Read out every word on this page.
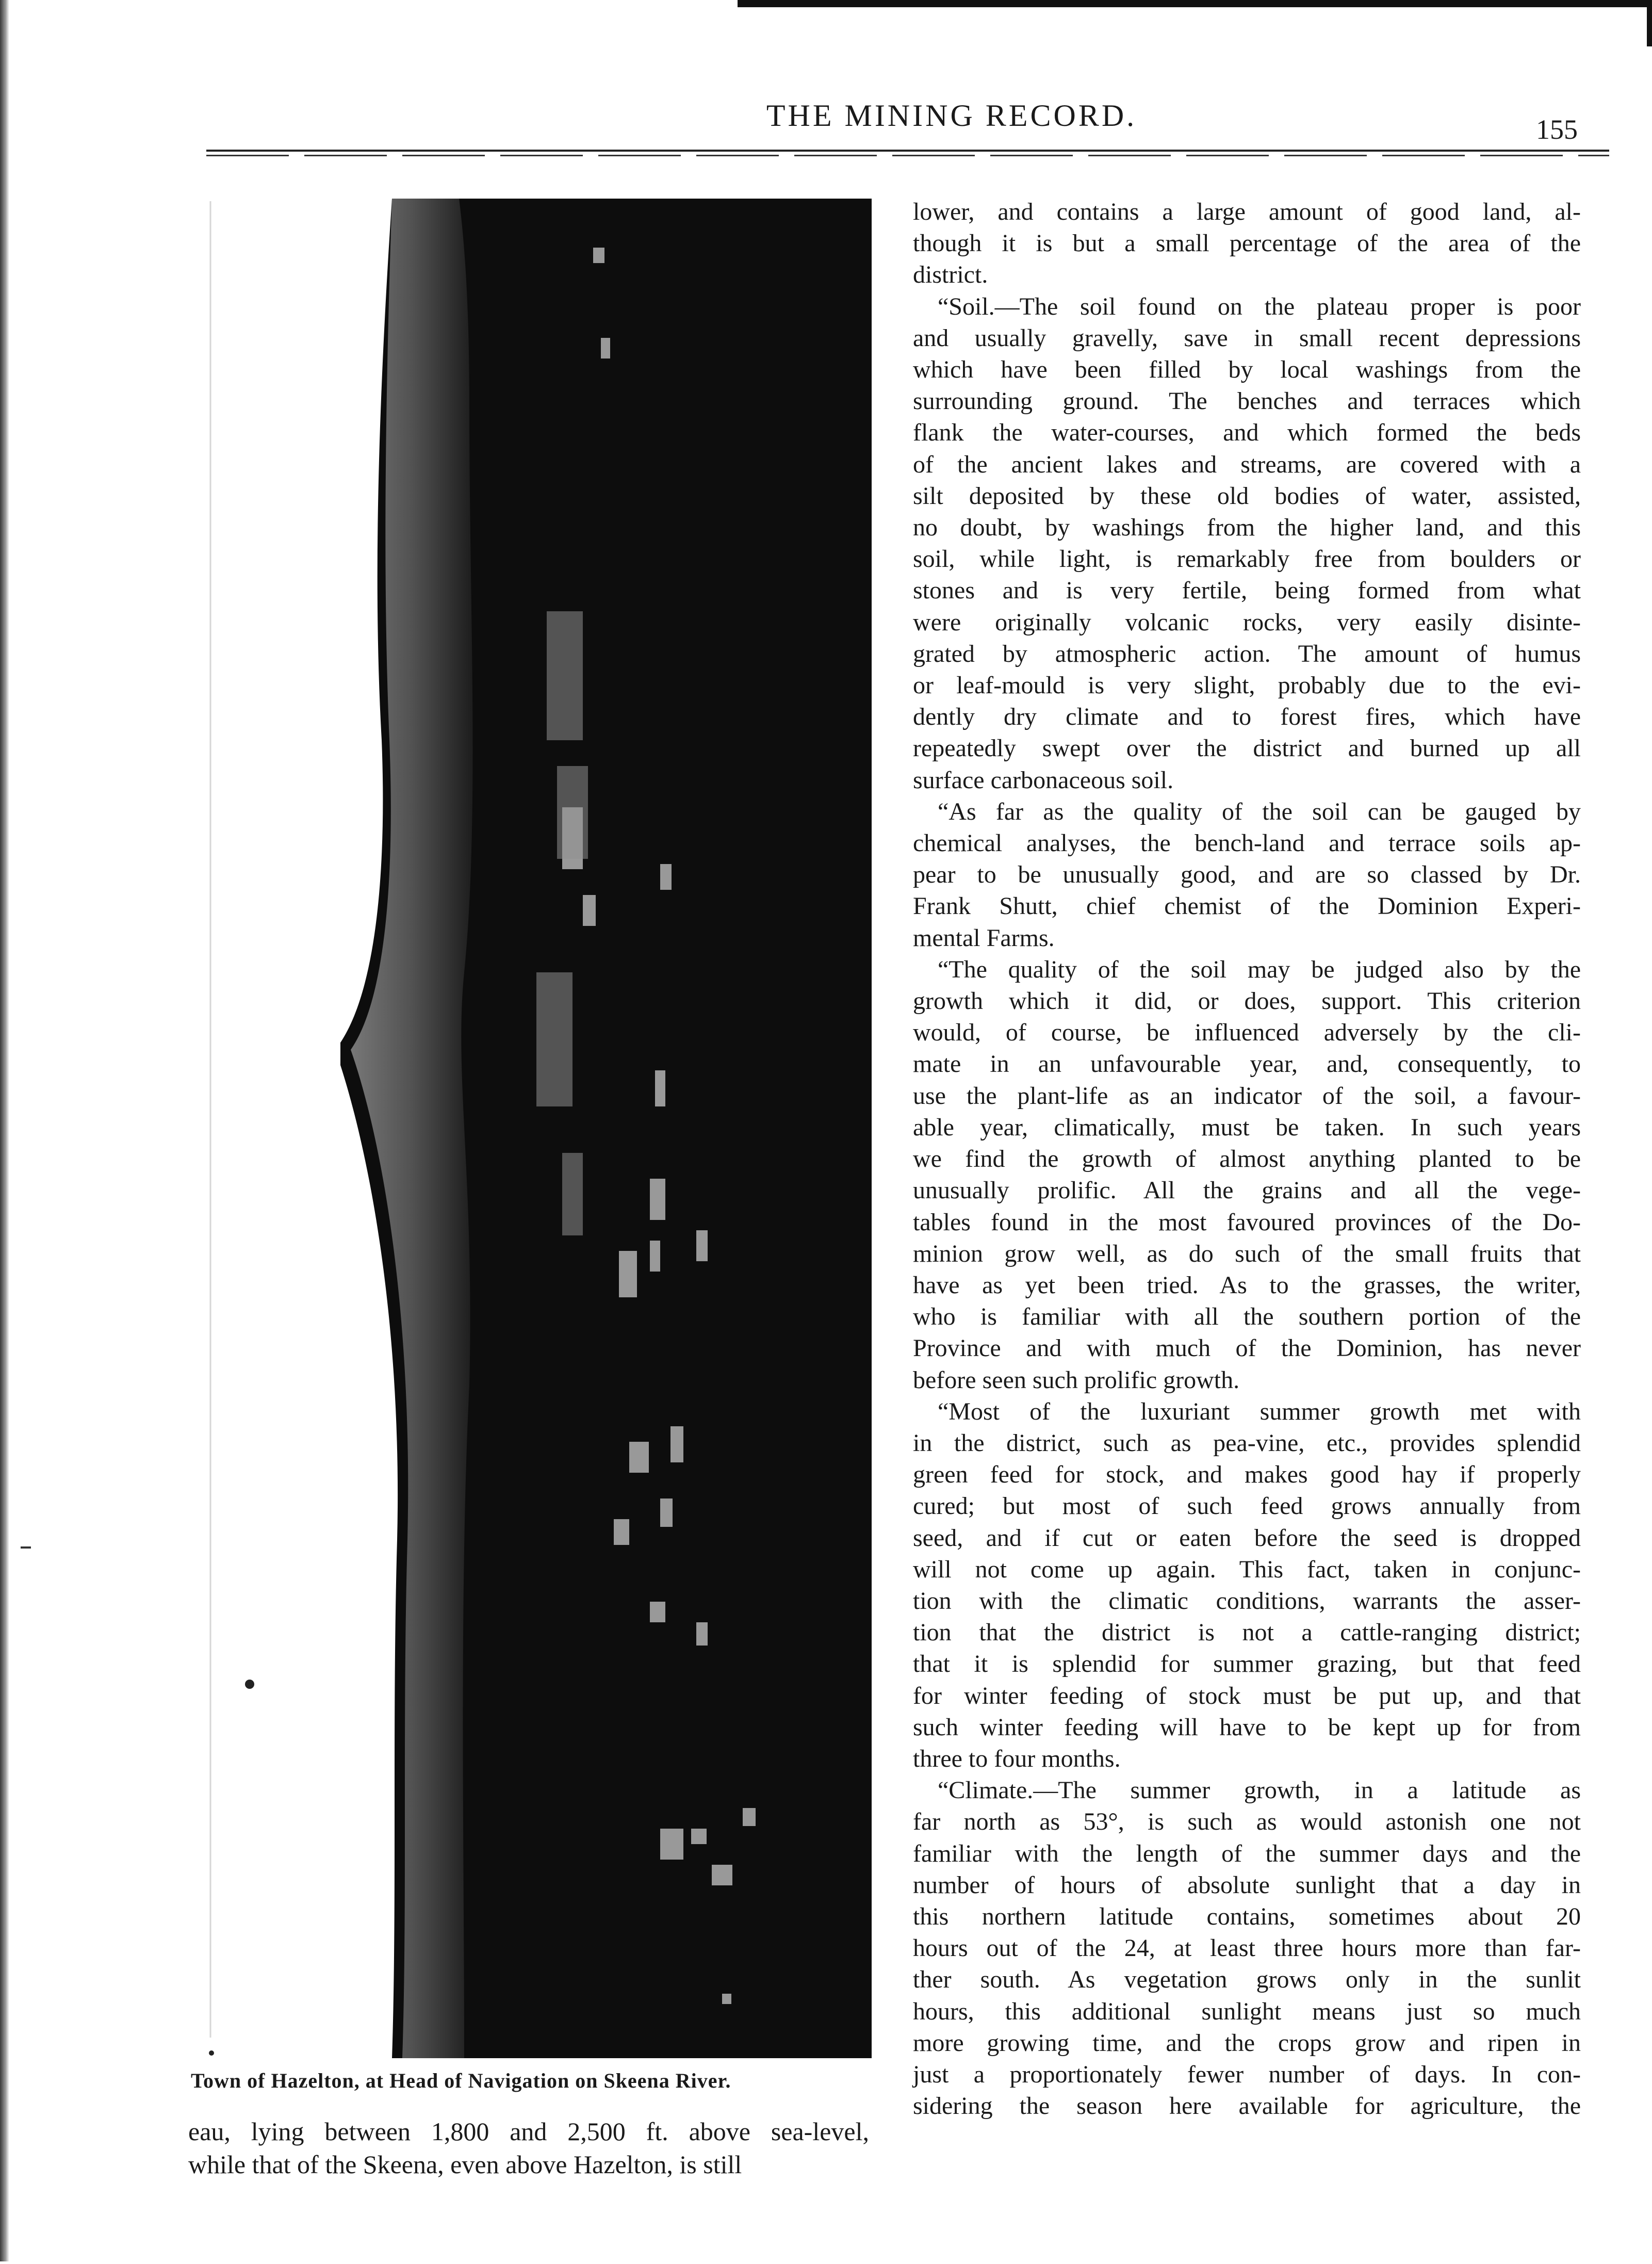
THE MINING RECORD.	155
Town of Hazelton, at Head of Navigation on Skeena River.
eau, lying between 1,800 and 2,500 ft. above sea-level,
while that of the Skeena, even above Hazelton, is still
lower, and contains a large amount of good land, al-
though it is but a small percentage of the area of the
district.
“Soil.—The soil found on the plateau proper is poor
and usually gravelly, save in small recent depressions
which have been filled by local washings from the
surrounding ground. The benches and terraces which
flank the water-courses, and which formed the beds
of the ancient lakes and streams, are covered with a
silt deposited by these old bodies of water, assisted,
no doubt, by washings from the higher land, and this
soil, while light, is remarkably free from boulders or
stones and is very fertile, being formed from what
were originally volcanic rocks, very easily disinte-
grated by atmospheric action. The amount of humus
or leaf-mould is very slight, probably due to the evi-
dently dry climate and to forest fires, which have
repeatedly swept over the district and burned up all
surface carbonaceous soil.
“As far as the quality of the soil can be gauged by
chemical analyses, the bench-land and terrace soils ap-
pear to be unusually good, and are so classed by Dr.
Frank Shutt, chief chemist of the Dominion Experi-
mental Farms.
“The quality of the soil may be judged also by the
growth which it did, or does, support. This criterion
would, of course, be influenced adversely by the cli-
mate in an unfavourable year, and, consequently, to
use the plant-life as an indicator of the soil, a favour-
able year, climatically, must be taken. In such years
we find the growth of almost anything planted to be
unusually prolific. All the grains and all the vege-
tables found in the most favoured provinces of the Do-
minion grow well, as do such of the small fruits that
have as yet been tried. As to the grasses, the writer,
who is familiar with all the southern portion of the
Province and with much of the Dominion, has never
before seen such prolific growth.
“Most of the luxuriant summer growth met with
in the district, such as pea-vine, etc., provides splendid
green feed for stock, and makes good hay if properly
cured; but most of such feed grows annually from
seed, and if cut or eaten before the seed is dropped
will not come up again. This fact, taken in conjunc-
tion with the climatic conditions, warrants the asser-
tion that the district is not a cattle-ranging district;
that it is splendid for summer grazing, but that feed
for winter feeding of stock must be put up, and that
such winter feeding will have to be kept up for from
three to four months.
“Climate.—The summer growth, in a latitude as
far north as 53°, is such as would astonish one not
familiar with the length of the summer days and the
number of hours of absolute sunlight that a day in
this northern latitude contains, sometimes about 20
hours out of the 24, at least three hours more than far-
ther south. As vegetation grows only in the sunlit
hours, this additional sunlight means just so much
more growing time, and the crops grow and ripen in
just a proportionately fewer number of days. In con-
sidering the season here available for agriculture, the
